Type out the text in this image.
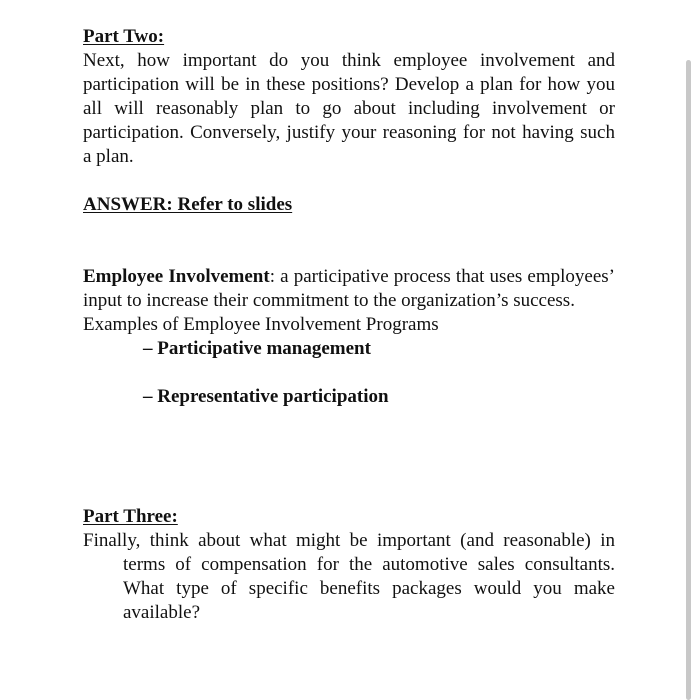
Part Two:
Next, how important do you think employee involvement and participation will be in these positions? Develop a plan for how you all will reasonably plan to go about including involvement or participation. Conversely, justify your reasoning for not having such a plan.
ANSWER: Refer to slides
Employee Involvement: a participative process that uses employees’ input to increase their commitment to the organization’s success.
Examples of Employee Involvement Programs
– Participative management
– Representative participation
Part Three:
Finally, think about what might be important (and reasonable) in terms of compensation for the automotive sales consultants. What type of specific benefits packages would you make available?
